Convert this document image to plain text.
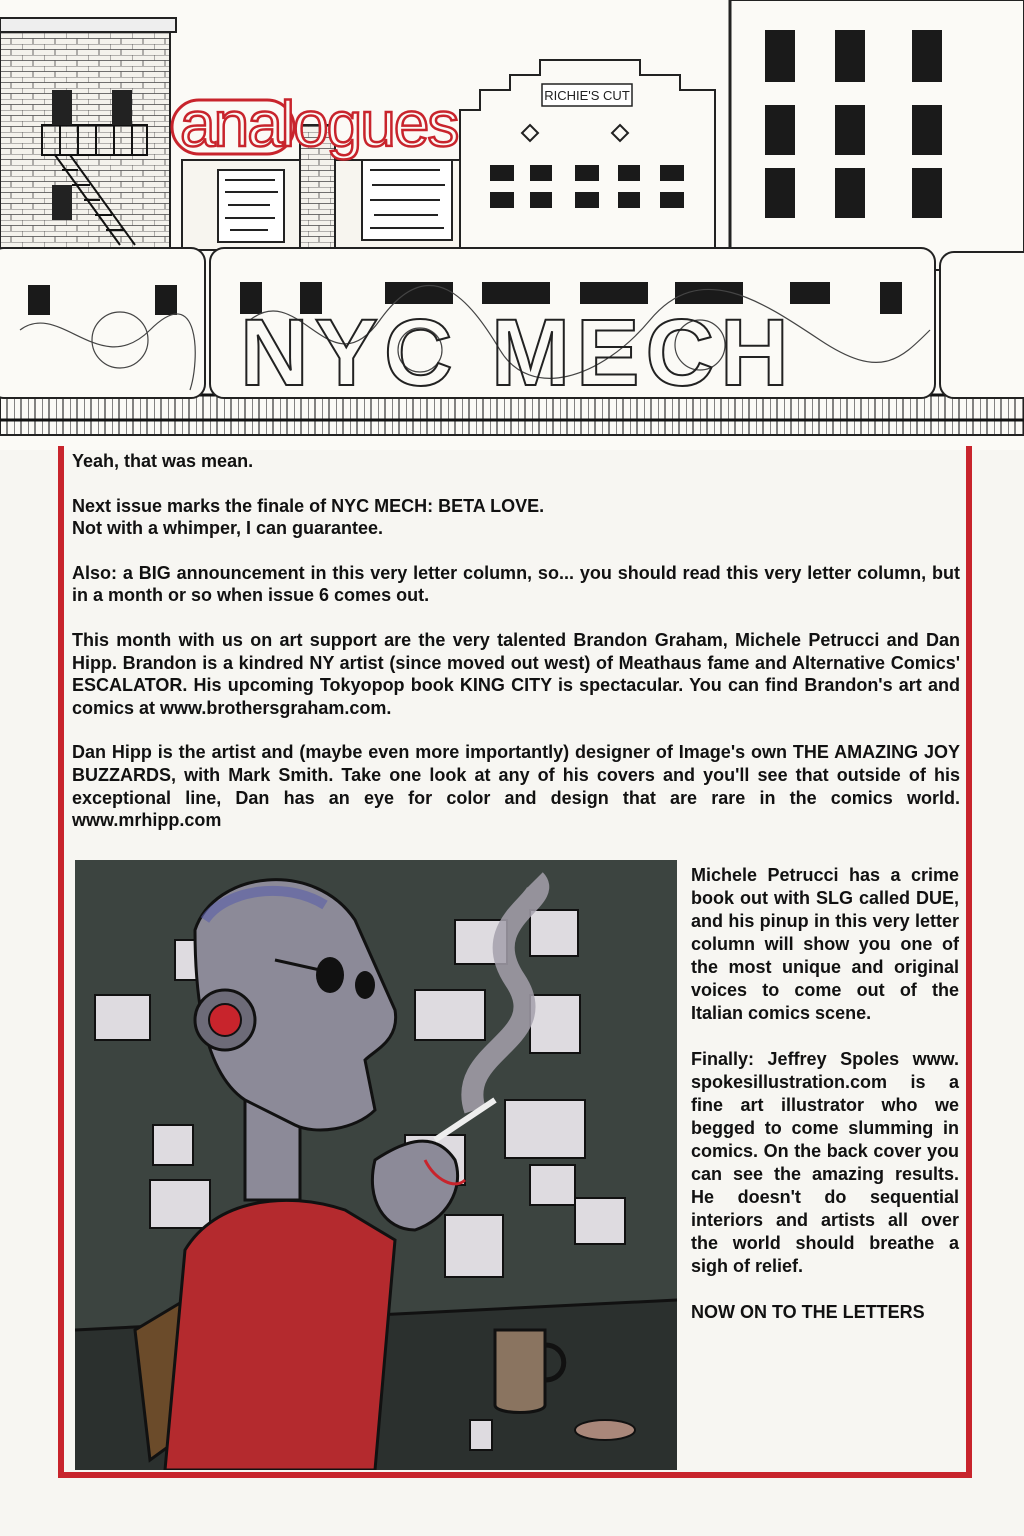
RICHIE'S CUT
analogues
NYC MECH

Yeah, that was mean.

Next issue marks the finale of NYC MECH: BETA LOVE.
Not with a whimper, I can guarantee.

Also: a BIG announcement in this very letter column, so... you should read this very letter column, but in a month or so when issue 6 comes out.

This month with us on art support are the very talented Brandon Graham, Michele Petrucci and Dan Hipp. Brandon is a kindred NY artist (since moved out west) of Meathaus fame and Alternative Comics' ESCALATOR. His upcoming Tokyopop book KING CITY is spectacular. You can find Brandon's art and comics at www.brothersgraham.com.

Dan Hipp is the artist and (maybe even more importantly) designer of Image's own THE AMAZING JOY BUZZARDS, with Mark Smith. Take one look at any of his covers and you'll see that outside of his exceptional line, Dan has an eye for color and design that are rare in the comics world. www.mrhipp.com

Michele Petrucci has a crime book out with SLG called DUE, and his pinup in this very letter column will show you one of the most unique and original voices to come out of the Italian comics scene.

Finally: Jeffrey Spoles www. spokesillustration.com is a fine art illustrator who we begged to come slumming in comics. On the back cover you can see the amazing results. He doesn't do sequential interiors and artists all over the world should breathe a sigh of relief.

NOW ON TO THE LETTERS
